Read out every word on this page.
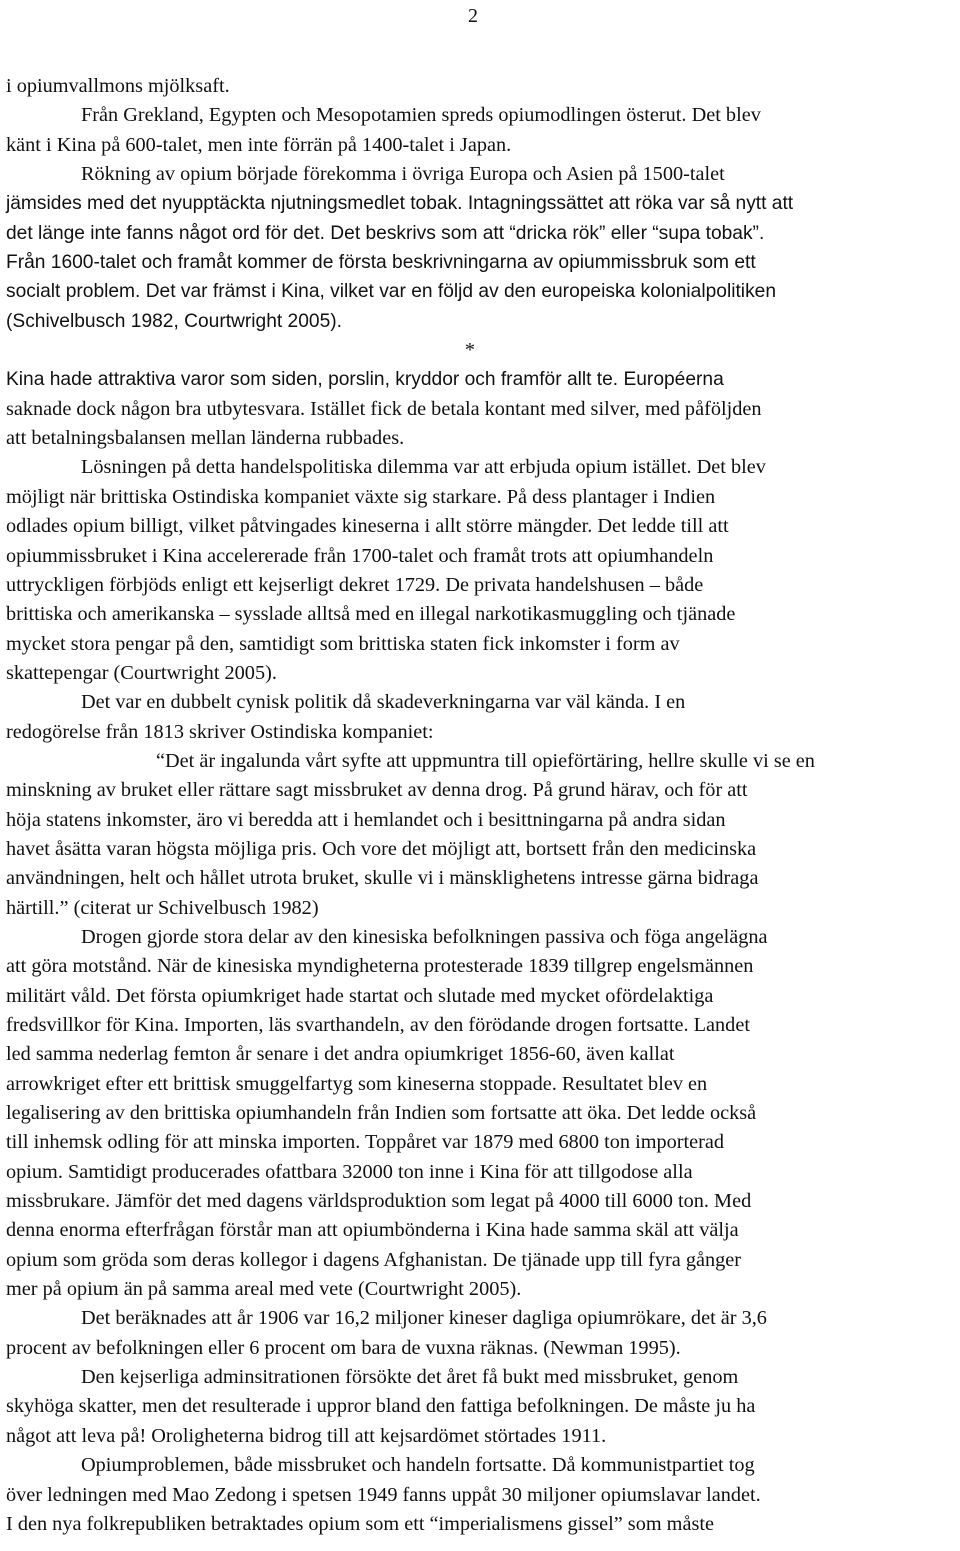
2
i opiumvallmons mjölksaft.
Från Grekland, Egypten och Mesopotamien spreds opiumodlingen österut. Det blev
känt i Kina på 600-talet, men inte förrän på 1400-talet i Japan.
Rökning av opium började förekomma i övriga Europa och Asien på 1500-talet
jämsides med det nyupptäckta njutningsmedlet tobak. Intagningssättet att röka var så nytt att
det länge inte fanns något ord för det. Det beskrivs som att “dricka rök” eller “supa tobak”.
Från 1600-talet och framåt kommer de första beskrivningarna av opiummissbruk som ett
socialt problem. Det var främst i Kina, vilket var en följd av den europeiska kolonialpolitiken
(Schivelbusch 1982, Courtwright 2005).
*
Kina hade attraktiva varor som siden, porslin, kryddor och framför allt te. Européerna
saknade dock någon bra utbytesvara. Istället fick de betala kontant med silver, med påföljden
att betalningsbalansen mellan länderna rubbades.
Lösningen på detta handelspolitiska dilemma var att erbjuda opium istället. Det blev
möjligt när brittiska Ostindiska kompaniet växte sig starkare. På dess plantager i Indien
odlades opium billigt, vilket påtvingades kineserna i allt större mängder. Det ledde till att
opiummissbruket i Kina accelererade från 1700-talet och framåt trots att opiumhandeln
uttryckligen förbjöds enligt ett kejserligt dekret 1729. De privata handelshusen – både
brittiska och amerikanska – sysslade alltså med en illegal narkotikasmuggling och tjänade
mycket stora pengar på den, samtidigt som brittiska staten fick inkomster i form av
skattepengar (Courtwright 2005).
Det var en dubbelt cynisk politik då skadeverkningarna var väl kända. I en
redogörelse från 1813 skriver Ostindiska kompaniet:
“Det är ingalunda vårt syfte att uppmuntra till opieförtäring, hellre skulle vi se en
minskning av bruket eller rättare sagt missbruket av denna drog. På grund härav, och för att
höja statens inkomster, äro vi beredda att i hemlandet och i besittningarna på andra sidan
havet åsätta varan högsta möjliga pris. Och vore det möjligt att, bortsett från den medicinska
användningen, helt och hållet utrota bruket, skulle vi i mänsklighetens intresse gärna bidraga
härtill.” (citerat ur Schivelbusch 1982)
Drogen gjorde stora delar av den kinesiska befolkningen passiva och föga angelägna
att göra motstånd. När de kinesiska myndigheterna protesterade 1839 tillgrep engelsmännen
militärt våld. Det första opiumkriget hade startat och slutade med mycket ofördelaktiga
fredsvillkor för Kina. Importen, läs svarthandeln, av den förödande drogen fortsatte. Landet
led samma nederlag femton år senare i det andra opiumkriget 1856-60, även kallat
arrowkriget efter ett brittisk smuggelfartyg som kineserna stoppade. Resultatet blev en
legalisering av den brittiska opiumhandeln från Indien som fortsatte att öka. Det ledde också
till inhemsk odling för att minska importen. Toppåret var 1879 med 6800 ton importerad
opium. Samtidigt producerades ofattbara 32000 ton inne i Kina för att tillgodose alla
missbrukare. Jämför det med dagens världsproduktion som legat på 4000 till 6000 ton. Med
denna enorma efterfrågan förstår man att opiumbönderna i Kina hade samma skäl att välja
opium som gröda som deras kollegor i dagens Afghanistan. De tjänade upp till fyra gånger
mer på opium än på samma areal med vete (Courtwright 2005).
Det beräknades att år 1906 var 16,2 miljoner kineser dagliga opiumrökare, det är 3,6
procent av befolkningen eller 6 procent om bara de vuxna räknas. (Newman 1995).
Den kejserliga adminsitrationen försökte det året få bukt med missbruket, genom
skyhöga skatter, men det resulterade i uppror bland den fattiga befolkningen. De måste ju ha
något att leva på! Oroligheterna bidrog till att kejsardömet störtades 1911.
Opiumproblemen, både missbruket och handeln fortsatte. Då kommunistpartiet tog
över ledningen med Mao Zedong i spetsen 1949 fanns uppåt 30 miljoner opiumslavar landet.
I den nya folkrepubliken betraktades opium som ett “imperialismens gissel” som måste
